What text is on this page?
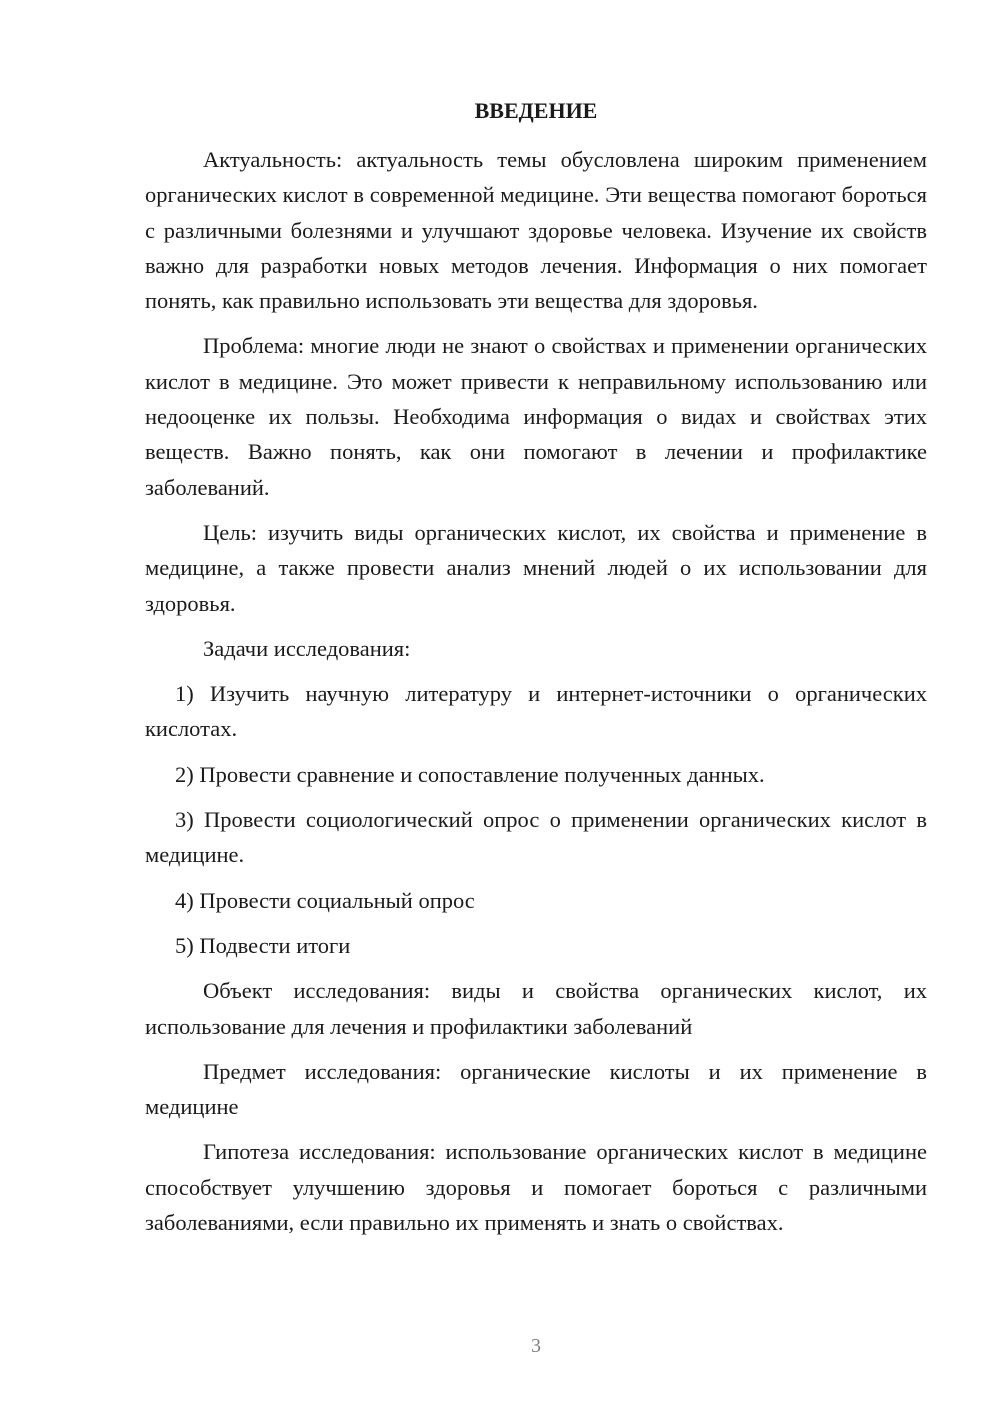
ВВЕДЕНИЕ

Актуальность: актуальность темы обусловлена широким применением органических кислот в современной медицине. Эти вещества помогают бороться с различными болезнями и улучшают здоровье человека. Изучение их свойств важно для разработки новых методов лечения. Информация о них помогает понять, как правильно использовать эти вещества для здоровья.

Проблема: многие люди не знают о свойствах и применении органических кислот в медицине. Это может привести к неправильному использованию или недооценке их пользы. Необходима информация о видах и свойствах этих веществ. Важно понять, как они помогают в лечении и профилактике заболеваний.

Цель: изучить виды органических кислот, их свойства и применение в медицине, а также провести анализ мнений людей о их использовании для здоровья.

Задачи исследования:

1) Изучить научную литературу и интернет-источники о органических кислотах.

2) Провести сравнение и сопоставление полученных данных.

3) Провести социологический опрос о применении органических кислот в медицине.

4) Провести социальный опрос

5) Подвести итоги

Объект исследования: виды и свойства органических кислот, их использование для лечения и профилактики заболеваний

Предмет исследования: органические кислоты и их применение в медицине

Гипотеза исследования: использование органических кислот в медицине способствует улучшению здоровья и помогает бороться с различными заболеваниями, если правильно их применять и знать о свойствах.

3
